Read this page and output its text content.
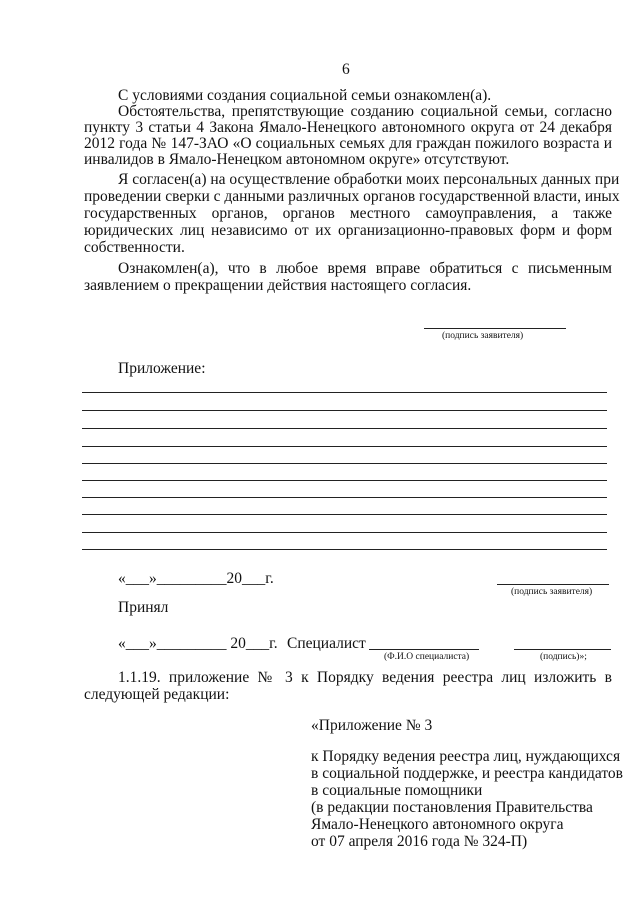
6
С условиями создания социальной семьи ознакомлен(а).
Обстоятельства, препятствующие созданию социальной семьи, согласно
пункту 3 статьи 4 Закона Ямало-Ненецкого автономного округа от 24 декабря
2012 года № 147-ЗАО «О социальных семьях для граждан пожилого возраста и
инвалидов в Ямало-Ненецком автономном округе» отсутствуют.
Я согласен(а) на осуществление обработки моих персональных данных при
проведении сверки с данными различных органов государственной власти, иных
государственных органов, органов местного самоуправления, а также
юридических лиц независимо от их организационно-правовых форм и форм
собственности.
Ознакомлен(а), что в любое время вправе обратиться с письменным
заявлением о прекращении действия настоящего согласия.
(подпись заявителя)
Приложение:
«___»_________20___г.
(подпись заявителя)
Принял
«___»_________ 20___г. Специалист
(Ф.И.О специалиста)	(подпись)»;
1.1.19. приложение № 3 к Порядку ведения реестра лиц изложить в
следующей редакции:
«Приложение № 3
к Порядку ведения реестра лиц, нуждающихся
в социальной поддержке, и реестра кандидатов
в социальные помощники
(в редакции постановления Правительства
Ямало-Ненецкого автономного округа
от 07 апреля 2016 года № 324-П)
